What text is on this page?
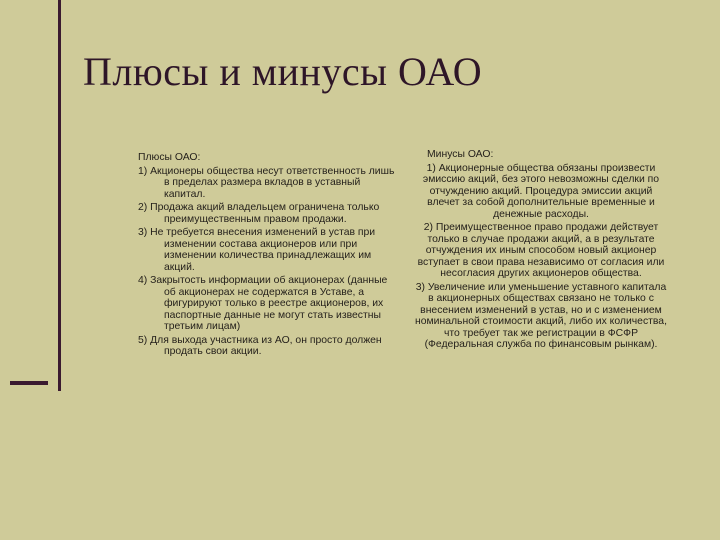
Плюсы и минусы ОАО

Плюсы ОАО:

1) Акционеры общества несут ответственность лишь в пределах размера вкладов в уставный капитал.

2) Продажа акций владельцем ограничена только преимущественным правом продажи.

3) Не требуется внесения изменений в устав при изменении состава акционеров или при изменении количества принадлежащих им акций.

4) Закрытость информации об акционерах (данные об акционерах не содержатся в Уставе, а фигурируют только в реестре акционеров, их паспортные данные не могут стать известны третьим лицам)

5) Для выхода участника из АО, он просто должен продать свои акции.

Минусы ОАО:

1) Акционерные общества обязаны произвести эмиссию акций, без этого невозможны сделки по отчуждению акций. Процедура эмиссии акций влечет за собой дополнительные временные и денежные расходы.

2) Преимущественное право продажи действует только в случае продажи акций, а в результате отчуждения их иным способом новый акционер вступает в свои права независимо от согласия или несогласия других акционеров общества.

3) Увеличение или уменьшение уставного капитала в акционерных обществах связано не только с внесением изменений в устав, но и с изменением номинальной стоимости акций, либо их количества, что требует так же регистрации в ФСФР (Федеральная служба по финансовым рынкам).
